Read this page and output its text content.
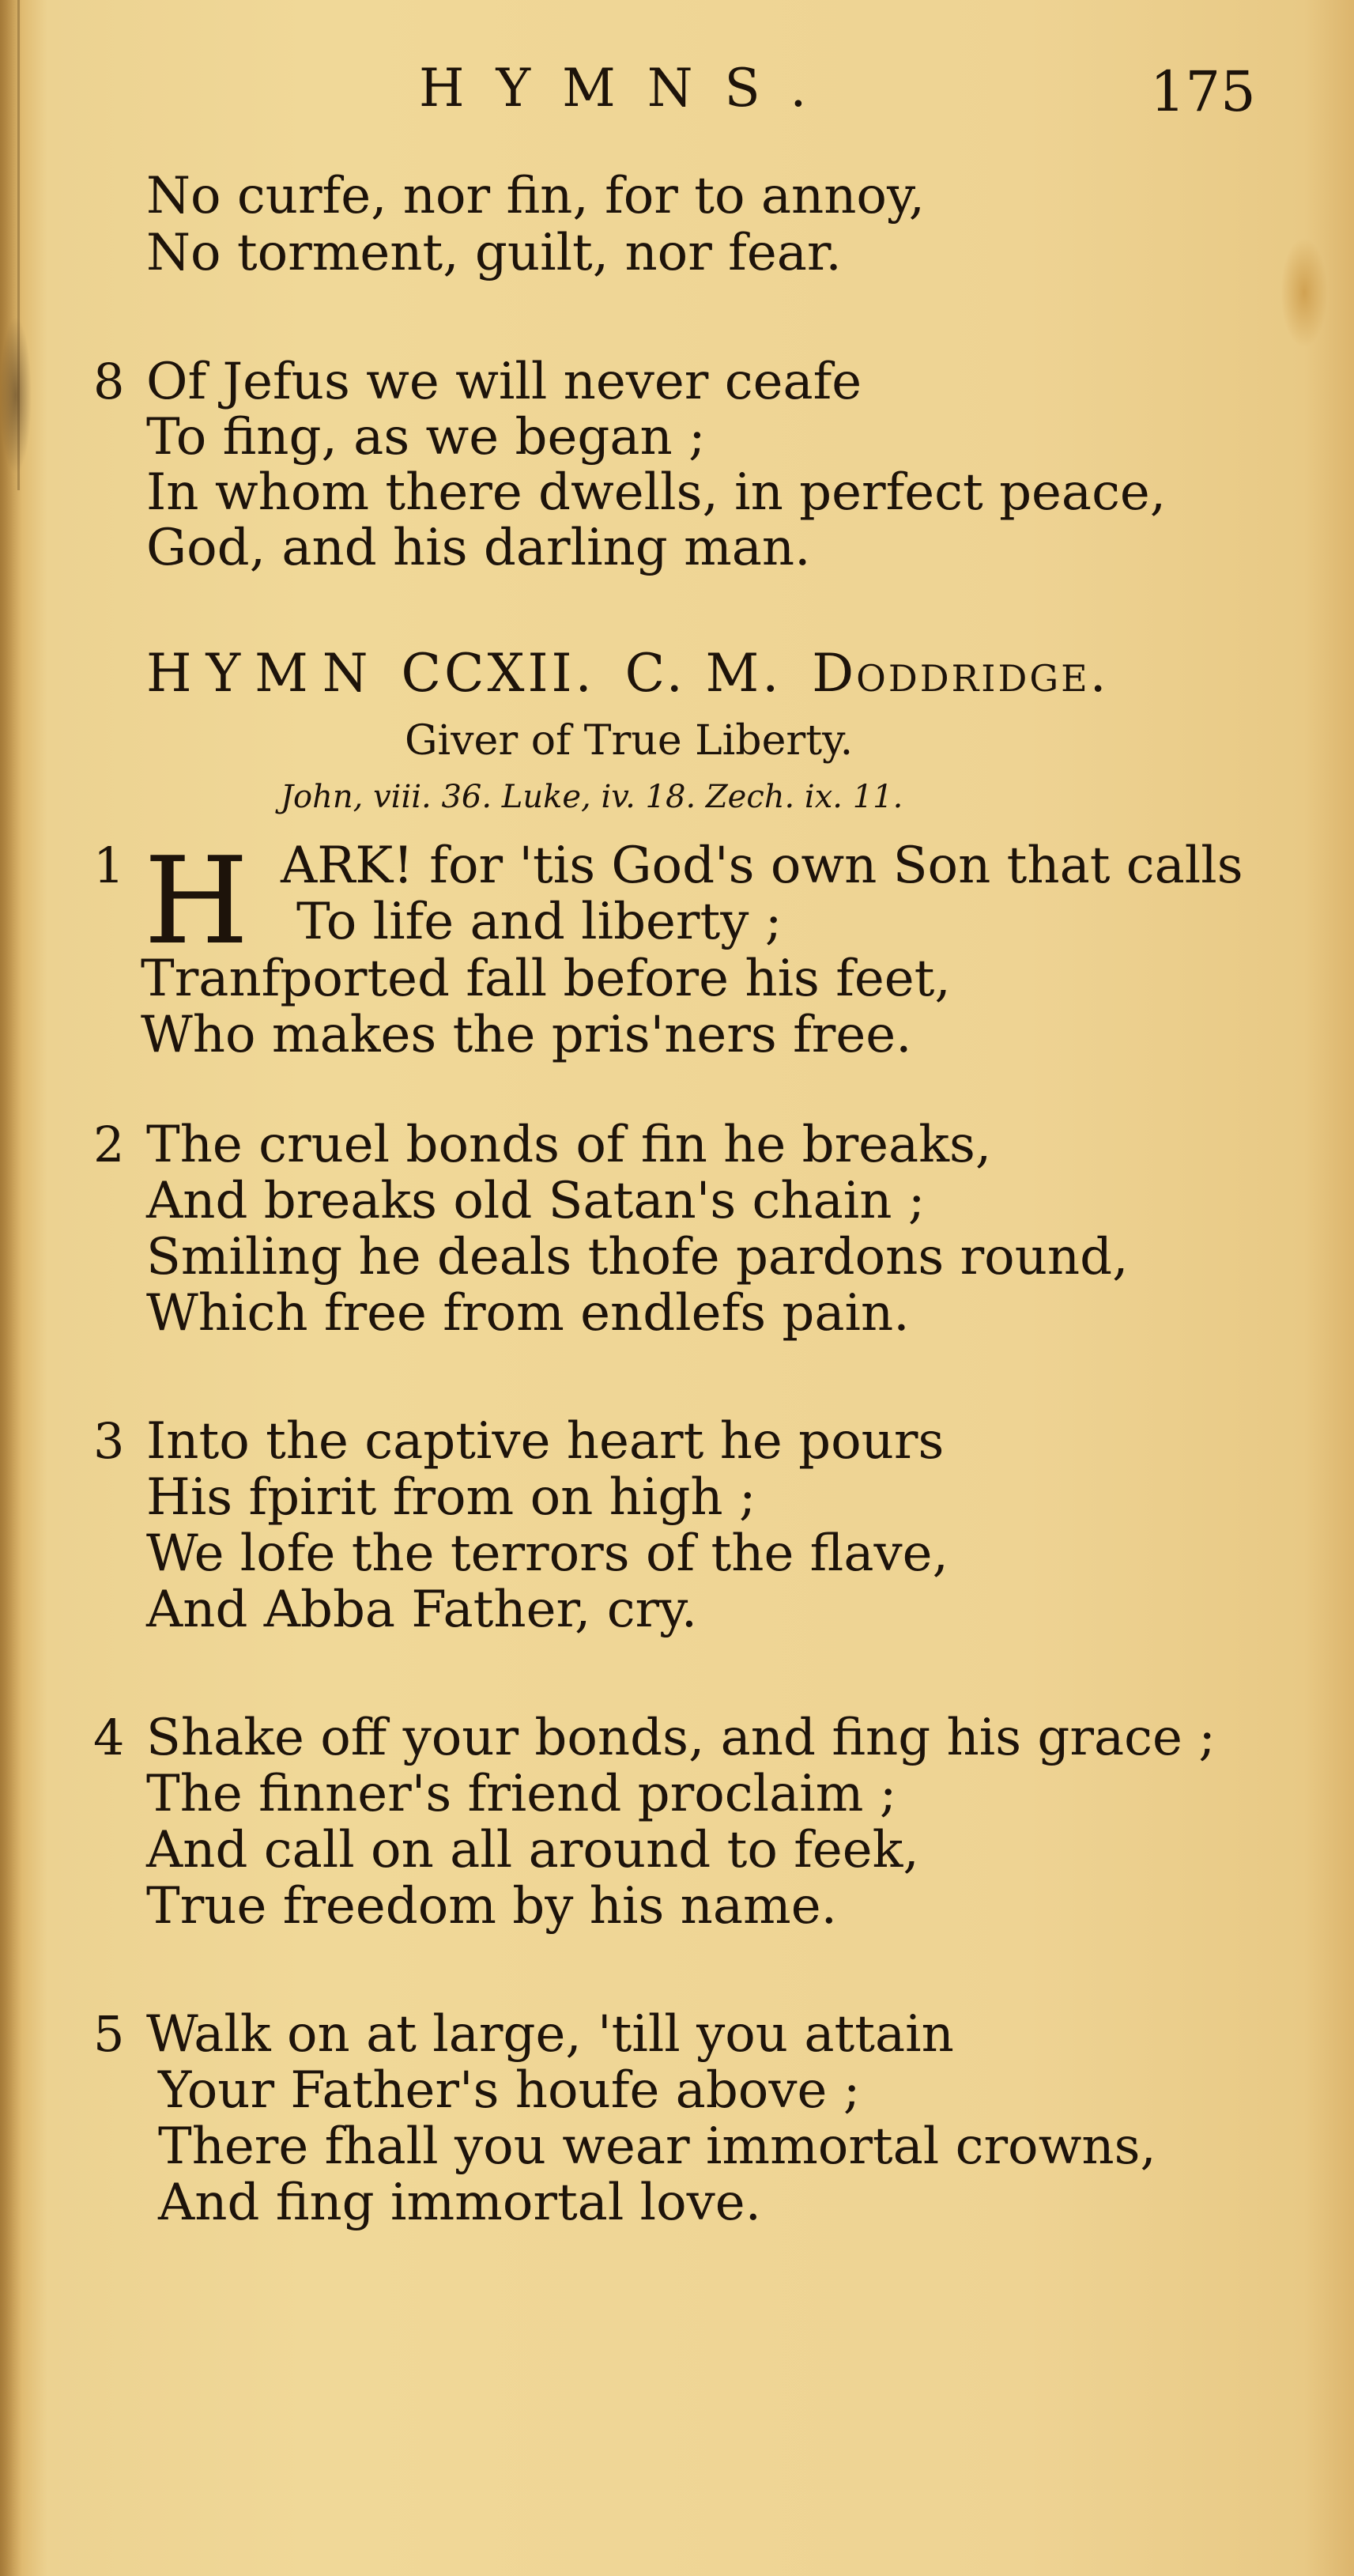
HYMNS.	175
No curfe, nor fin, for to annoy,
No torment, guilt, nor fear.
8 Of Jefus we will never ceafe
To fing, as we began ;
In whom there dwells, in perfect peace,
God, and his darling man.
HYMN CCXII. C. M. Doddridge.
Giver of True Liberty.
John, viii. 36. Luke, iv. 18. Zech. ix. 11.
1 H ARK! for 'tis God's own Son that calls
To life and liberty ;
Tranfported fall before his feet,
Who makes the pris'ners free.
2 The cruel bonds of fin he breaks,
And breaks old Satan's chain ;
Smiling he deals thofe pardons round,
Which free from endlefs pain.
3 Into the captive heart he pours
His fpirit from on high ;
We lofe the terrors of the flave,
And Abba Father, cry.
4 Shake off your bonds, and fing his grace ;
The finner's friend proclaim ;
And call on all around to feek,
True freedom by his name.
5 Walk on at large, 'till you attain
Your Father's houfe above ;
There fhall you wear immortal crowns,
And fing immortal love.
